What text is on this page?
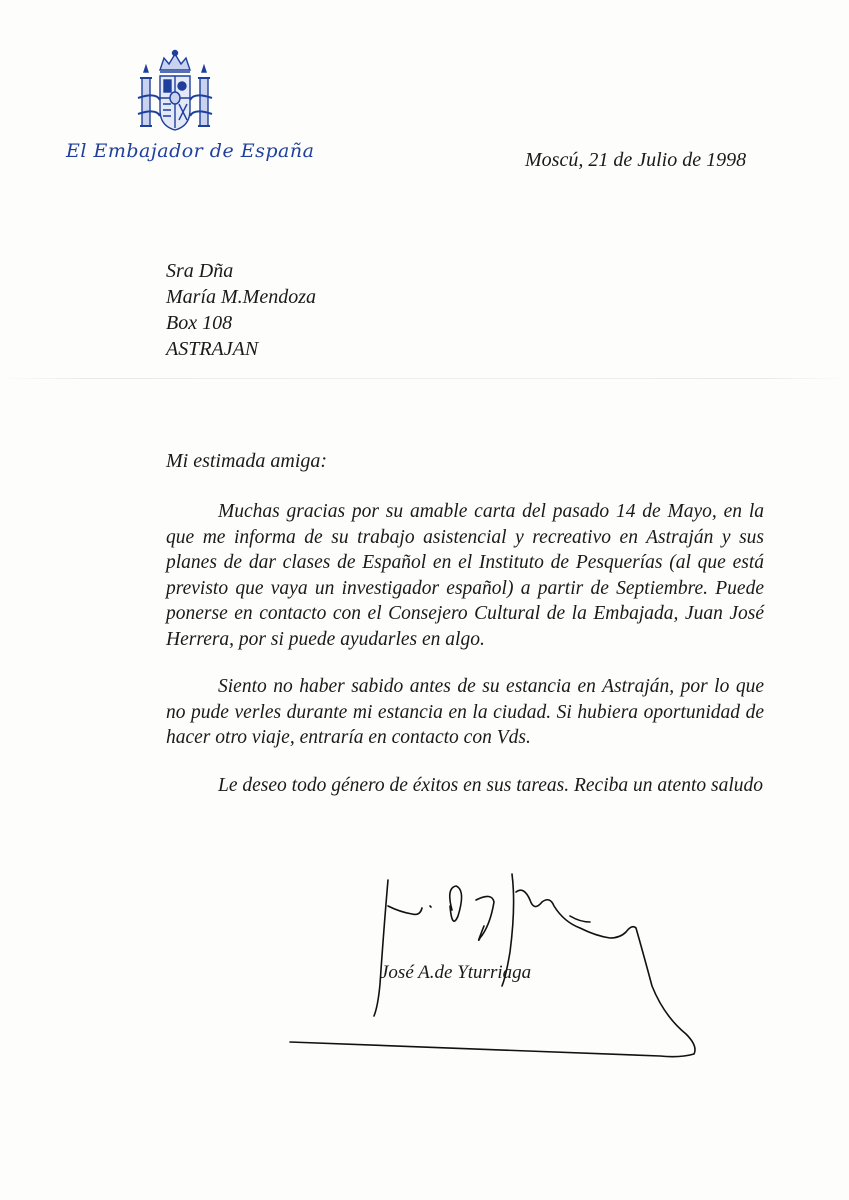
El Embajador de España	Moscú, 21 de Julio de 1998
Sra Dña
María M.Mendoza
Box 108
ASTRAJAN
Mi estimada amiga:

Muchas gracias por su amable carta del pasado 14 de Mayo, en la que me informa de su trabajo asistencial y recreativo en Astraján y sus planes de dar clases de Español en el Instituto de Pesquerías (al que está previsto que vaya un investigador español) a partir de Septiembre. Puede ponerse en contacto con el Consejero Cultural de la Embajada, Juan José Herrera, por si puede ayudarles en algo.

Siento no haber sabido antes de su estancia en Astraján, por lo que no pude verles durante mi estancia en la ciudad. Si hubiera oportunidad de hacer otro viaje, entraría en contacto con Vds.

Le deseo todo género de éxitos en sus tareas. Reciba un atento saludo

José A.de Yturriaga
